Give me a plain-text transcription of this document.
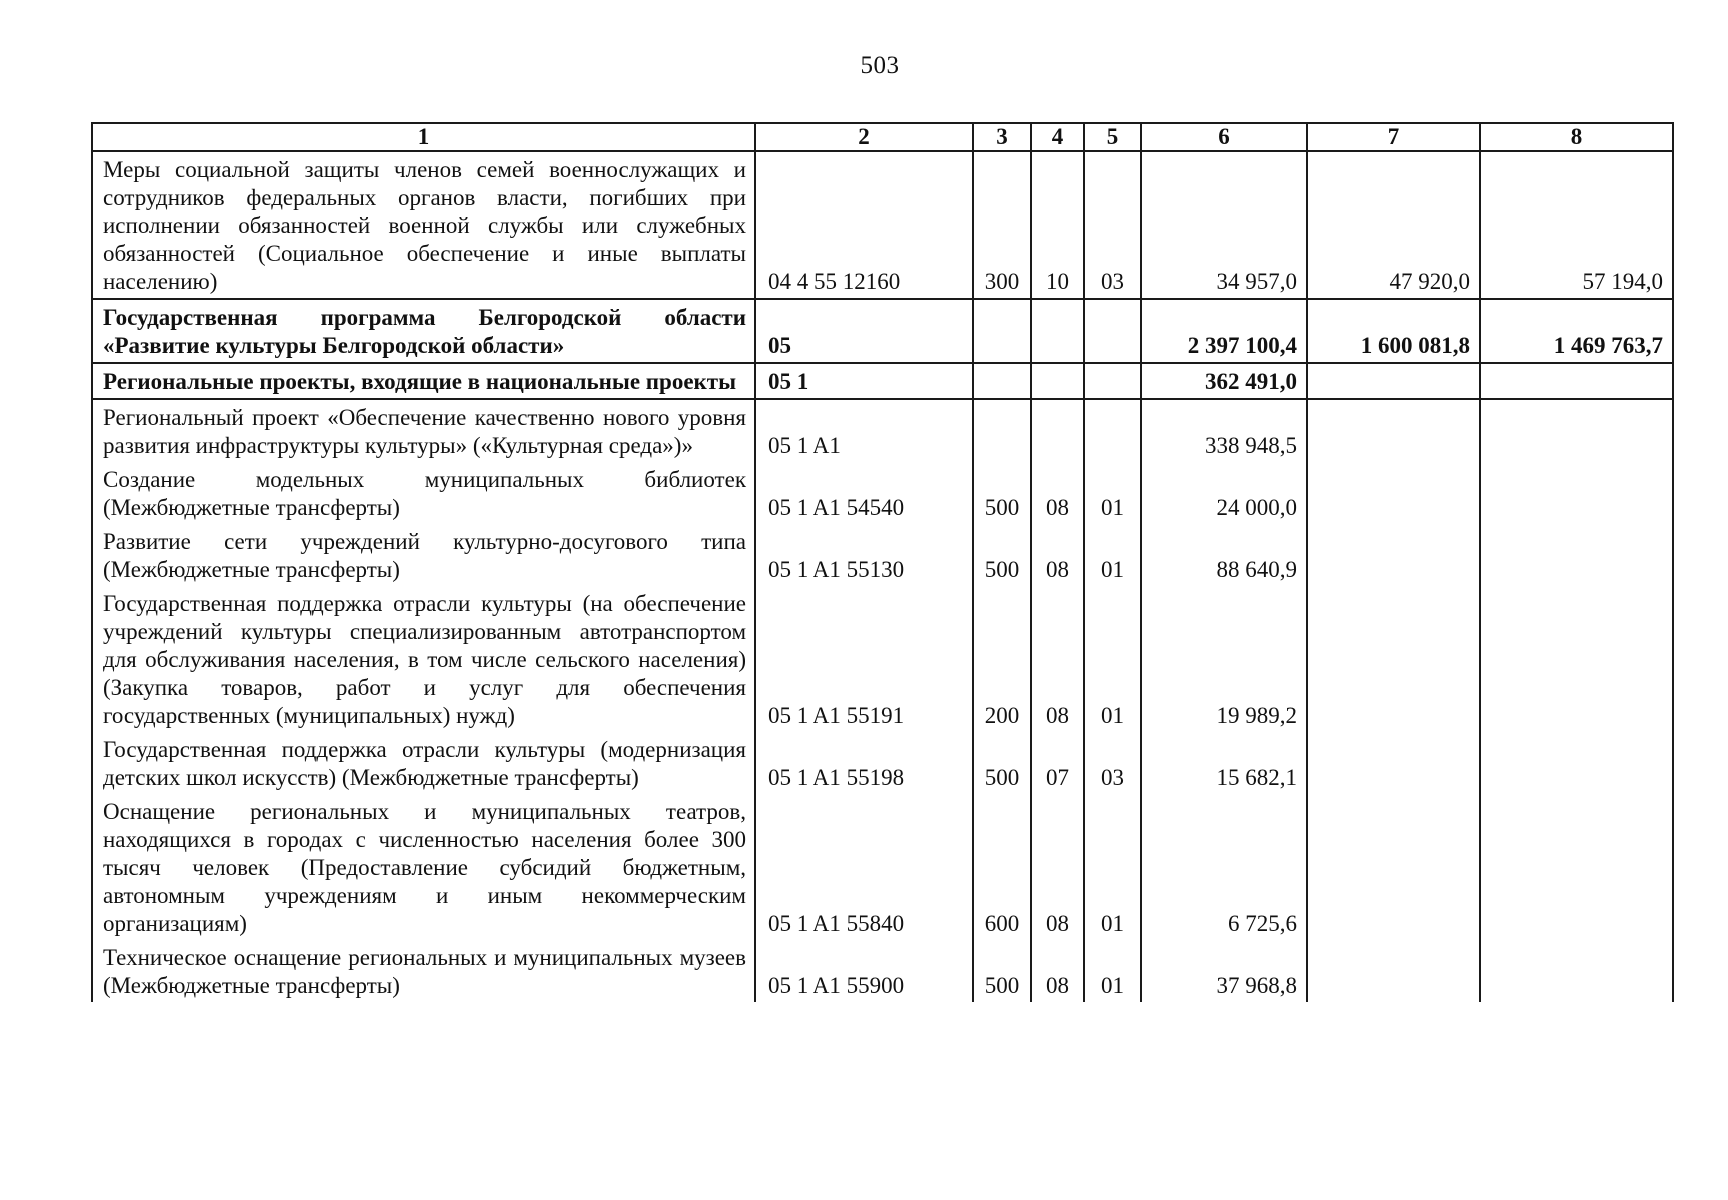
503
1	2	3	4	5	6	7	8
Меры социальной защиты членов семей военнослужащих и сотрудников федеральных органов власти, погибших при исполнении обязанностей военной службы или служебных обязанностей (Социальное обеспечение и иные выплаты населению)	04 4 55 12160	300	10	03	34 957,0	47 920,0	57 194,0
Государственная программа Белгородской области «Развитие культуры Белгородской области»	05				2 397 100,4	1 600 081,8	1 469 763,7
Региональные проекты, входящие в национальные проекты	05 1				362 491,0		
Региональный проект «Обеспечение качественно нового уровня развития инфраструктуры культуры» («Культурная среда»)»	05 1 A1				338 948,5		
Создание модельных муниципальных библиотек (Межбюджетные трансферты)	05 1 A1 54540	500	08	01	24 000,0		
Развитие сети учреждений культурно-досугового типа (Межбюджетные трансферты)	05 1 A1 55130	500	08	01	88 640,9		
Государственная поддержка отрасли культуры (на обеспечение учреждений культуры специализированным автотранспортом для обслуживания населения, в том числе сельского населения) (Закупка товаров, работ и услуг для обеспечения государственных (муниципальных) нужд)	05 1 A1 55191	200	08	01	19 989,2		
Государственная поддержка отрасли культуры (модернизация детских школ искусств) (Межбюджетные трансферты)	05 1 A1 55198	500	07	03	15 682,1		
Оснащение региональных и муниципальных театров, находящихся в городах с численностью населения более 300 тысяч человек (Предоставление субсидий бюджетным, автономным учреждениям и иным некоммерческим организациям)	05 1 A1 55840	600	08	01	6 725,6		
Техническое оснащение региональных и муниципальных музеев (Межбюджетные трансферты)	05 1 A1 55900	500	08	01	37 968,8		
